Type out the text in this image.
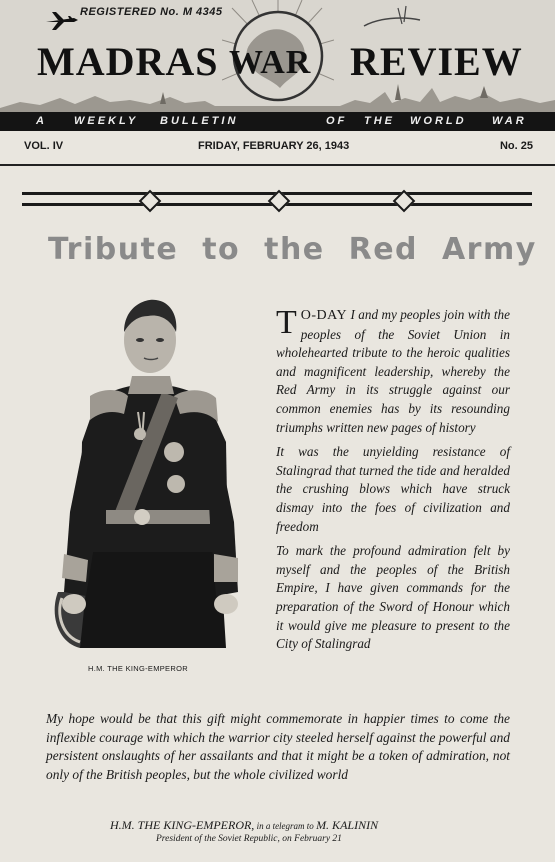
REGISTERED No. M 4345
MADRAS WAR REVIEW
A WEEKLY BULLETIN	OF THE WORLD WAR
VOL. IV	FRIDAY, FEBRUARY 26, 1943	No. 25
Tribute to the Red Army
H.M. THE KING-EMPEROR

T O-DAY I and my peoples join with the peoples of the Soviet Union in wholehearted tribute to the heroic qualities and magnificent leadership, whereby the Red Army in its struggle against our common enemies has by its resounding triumphs written new pages of history

It was the unyielding resistance of Stalingrad that turned the tide and heralded the crushing blows which have struck dismay into the foes of civilization and freedom

To mark the profound admiration felt by myself and the peoples of the British Empire, I have given commands for the preparation of the Sword of Honour which it would give me pleasure to present to the City of Stalingrad

My hope would be that this gift might commemorate in happier times to come the inflexible courage with which the warrior city steeled herself against the powerful and persistent onslaughts of her assailants and that it might be a token of admiration, not only of the British peoples, but the whole civilized world

H.M. THE KING-EMPEROR, in a telegram to M. KALININ
President of the Soviet Republic, on February 21
